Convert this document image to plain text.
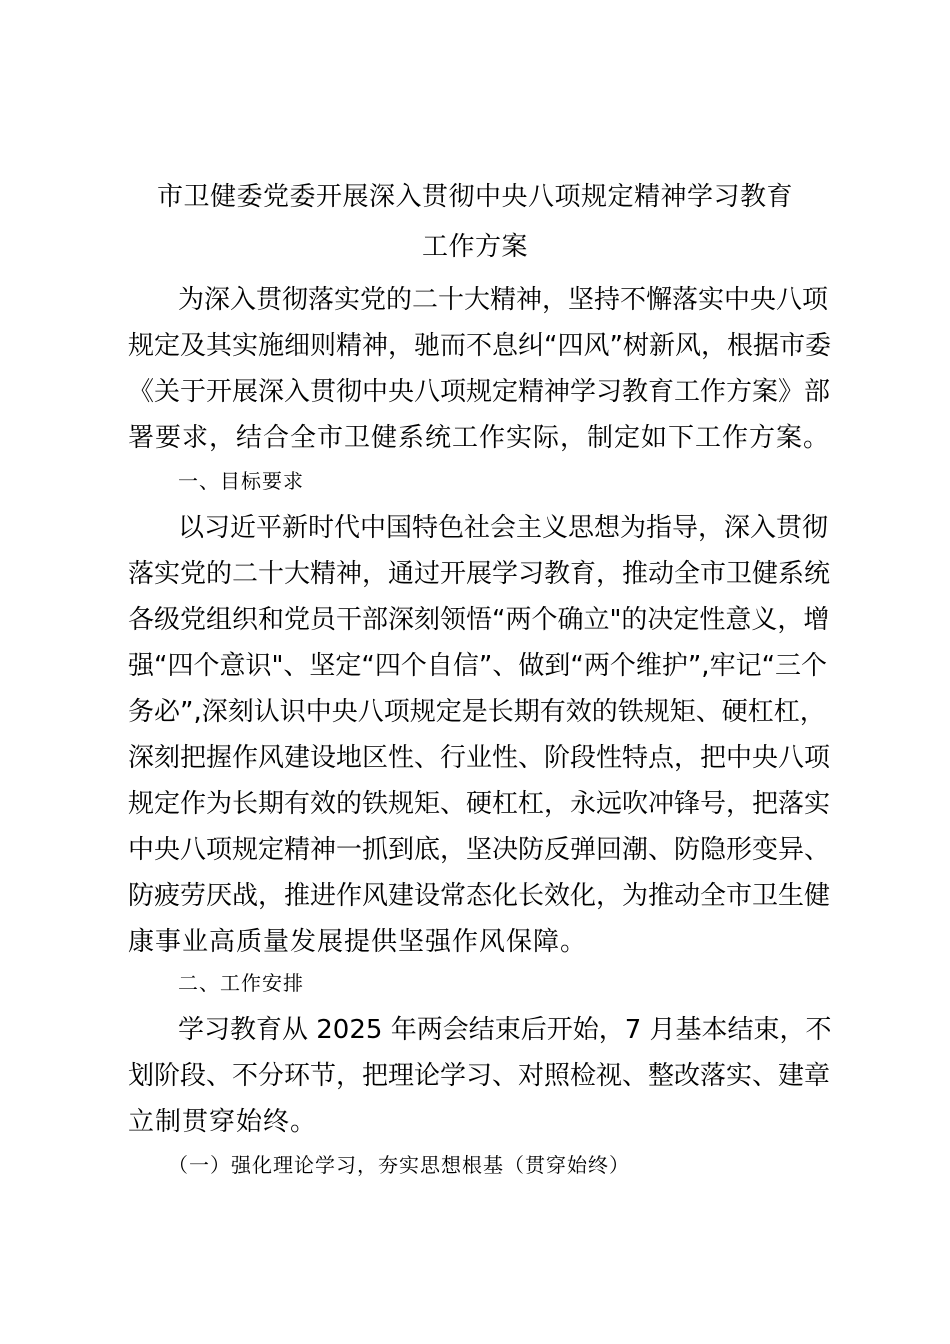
市卫健委党委开展深入贯彻中央八项规定精神学习教育
工作方案
为深入贯彻落实党的二十大精神，坚持不懈落实中央八项
规定及其实施细则精神，驰而不息纠“四风”树新风，根据市委
《关于开展深入贯彻中央八项规定精神学习教育工作方案》部
署要求，结合全市卫健系统工作实际，制定如下工作方案。
一、目标要求
以习近平新时代中国特色社会主义思想为指导，深入贯彻
落实党的二十大精神，通过开展学习教育，推动全市卫健系统
各级党组织和党员干部深刻领悟“两个确立"的决定性意义，增
强“四个意识"、坚定“四个自信”、做到“两个维护”,牢记“三个
务必”,深刻认识中央八项规定是长期有效的铁规矩、硬杠杠，
深刻把握作风建设地区性、行业性、阶段性特点，把中央八项
规定作为长期有效的铁规矩、硬杠杠，永远吹冲锋号，把落实
中央八项规定精神一抓到底，坚决防反弹回潮、防隐形变异、
防疲劳厌战，推进作风建设常态化长效化，为推动全市卫生健
康事业高质量发展提供坚强作风保障。
二、工作安排
学习教育从 2025 年两会结束后开始，7 月基本结束，不
划阶段、不分环节，把理论学习、对照检视、整改落实、建章
立制贯穿始终。
（一）强化理论学习，夯实思想根基（贯穿始终）
